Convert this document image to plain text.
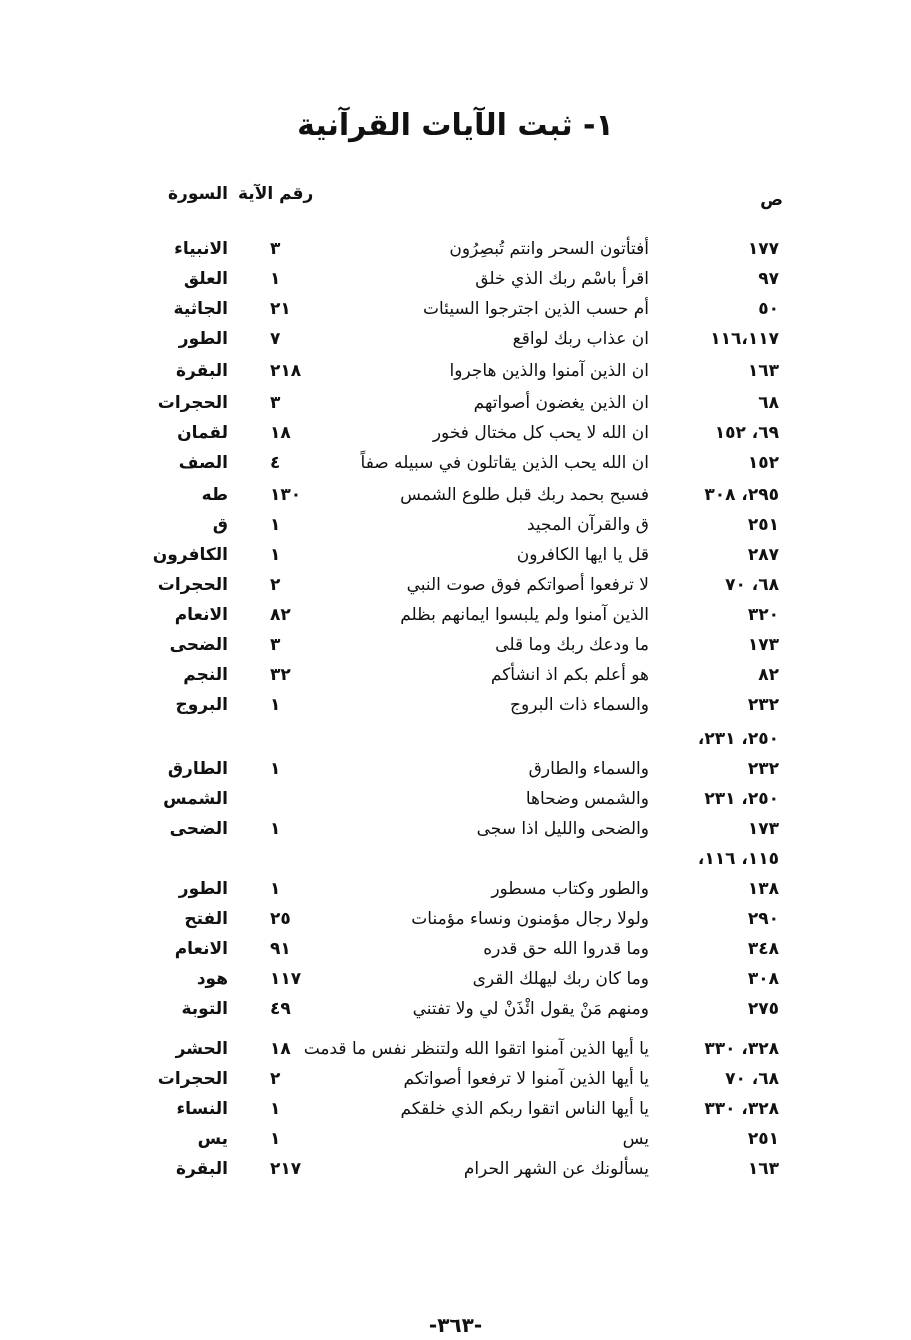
١- ثبت الآيات القرآنية
ص
رقم الآية
السورة
١٧٧
أفتأتون السحر وانتم تُبصِرُون
٣
الانبياء
٩٧
اقرأ باسْم ربك الذي خلق
١
العلق
٥٠
أم حسب الذين اجترجوا السيئات
٢١
الجاثية
١١٦،١١٧
ان عذاب ربك لواقع
٧
الطور
١٦٣
ان الذين آمنوا والذين هاجروا
٢١٨
البقرة
٦٨
ان الذين يغضون أصواتهم
٣
الحجرات
٦٩، ١٥٢
ان الله لا يحب كل مختال فخور
١٨
لقمان
١٥٢
ان الله يحب الذين يقاتلون في سبيله صفاً
٤
الصف
٢٩٥، ٣٠٨
فسبح بحمد ربك قبل طلوع الشمس
١٣٠
طه
٢٥١
ق والقرآن المجيد
١
ق
٢٨٧
قل يا ايها الكافرون
١
الكافرون
٦٨، ٧٠
لا ترفعوا أصواتكم فوق صوت النبي
٢
الحجرات
٣٢٠
الذين آمنوا ولم يلبسوا ايمانهم بظلم
٨٢
الانعام
١٧٣
ما ودعك ربك وما قلى
٣
الضحى
٨٢
هو أعلم بكم اذ انشأكم
٣٢
النجم
٢٣٢
والسماء ذات البروج
١
البروج
٢٥٠، ٢٣١،
٢٣٢
والسماء والطارق
١
الطارق
٢٥٠، ٢٣١
والشمس وضحاها
الشمس
١٧٣
والضحى والليل اذا سجى
١
الضحى
١١٥، ١١٦،
١٣٨
والطور وكتاب مسطور
١
الطور
٢٩٠
ولولا رجال مؤمنون ونساء مؤمنات
٢٥
الفتح
٣٤٨
وما قدروا الله حق قدره
٩١
الانعام
٣٠٨
وما كان ربك ليهلك القرى
١١٧
هود
٢٧٥
ومنهم مَنْ يقول ائْذَنْ لي ولا تفتني
٤٩
التوبة
٣٢٨، ٣٣٠
يا أيها الذين آمنوا اتقوا الله ولتنظر نفس ما قدمت
١٨
الحشر
٦٨، ٧٠
يا أيها الذين آمنوا لا ترفعوا أصواتكم
٢
الحجرات
٣٢٨، ٣٣٠
يا أيها الناس اتقوا ربكم الذي خلقكم
١
النساء
٢٥١
يس
١
يس
١٦٣
يسألونك عن الشهر الحرام
٢١٧
البقرة
-٣٦٣-
